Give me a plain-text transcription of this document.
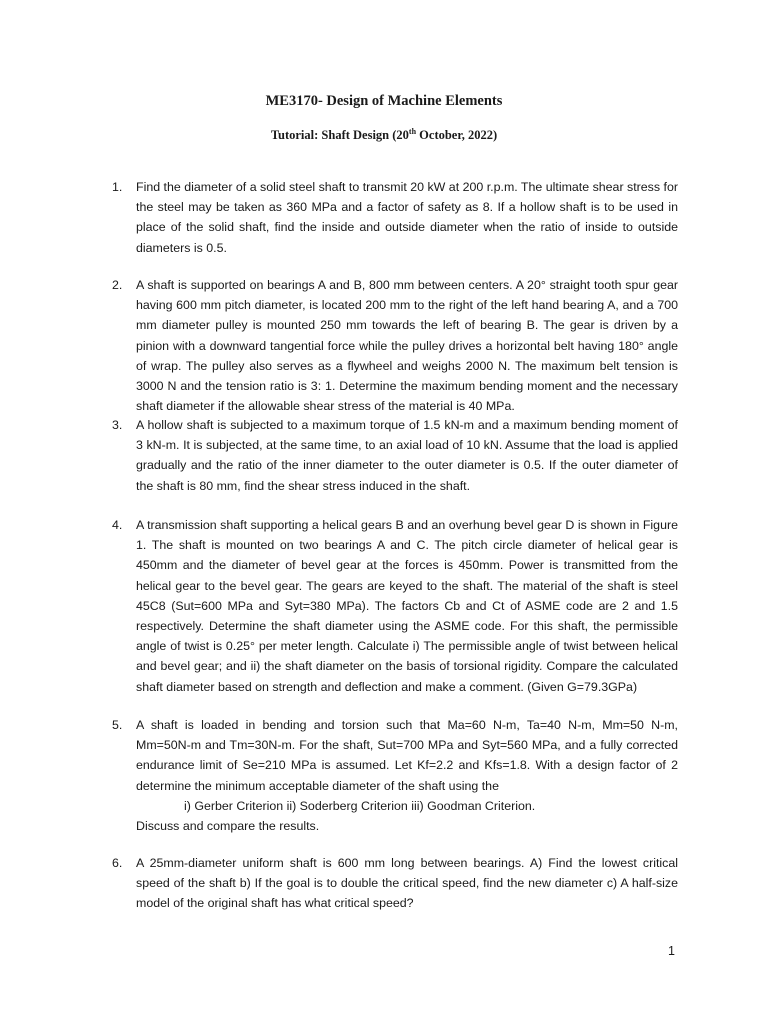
ME3170- Design of Machine Elements
Tutorial: Shaft Design (20th October, 2022)
1.	Find the diameter of a solid steel shaft to transmit 20 kW at 200 r.p.m. The ultimate shear stress for the steel may be taken as 360 MPa and a factor of safety as 8. If a hollow shaft is to be used in place of the solid shaft, find the inside and outside diameter when the ratio of inside to outside diameters is 0.5.

2.	A shaft is supported on bearings A and B, 800 mm between centers. A 20° straight tooth spur gear having 600 mm pitch diameter, is located 200 mm to the right of the left hand bearing A, and a 700 mm diameter pulley is mounted 250 mm towards the left of bearing B. The gear is driven by a pinion with a downward tangential force while the pulley drives a horizontal belt having 180° angle of wrap. The pulley also serves as a flywheel and weighs 2000 N. The maximum belt tension is 3000 N and the tension ratio is 3: 1. Determine the maximum bending moment and the necessary shaft diameter if the allowable shear stress of the material is 40 MPa.

3.	A hollow shaft is subjected to a maximum torque of 1.5 kN-m and a maximum bending moment of 3 kN-m. It is subjected, at the same time, to an axial load of 10 kN. Assume that the load is applied gradually and the ratio of the inner diameter to the outer diameter is 0.5. If the outer diameter of the shaft is 80 mm, find the shear stress induced in the shaft.

4.	A transmission shaft supporting a helical gears B and an overhung bevel gear D is shown in Figure 1. The shaft is mounted on two bearings A and C. The pitch circle diameter of helical gear is 450mm and the diameter of bevel gear at the forces is 450mm. Power is transmitted from the helical gear to the bevel gear. The gears are keyed to the shaft. The material of the shaft is steel 45C8 (Sut=600 MPa and Syt=380 MPa). The factors Cb and Ct of ASME code are 2 and 1.5 respectively. Determine the shaft diameter using the ASME code. For this shaft, the permissible angle of twist is 0.25° per meter length. Calculate i) The permissible angle of twist between helical and bevel gear; and ii) the shaft diameter on the basis of torsional rigidity. Compare the calculated shaft diameter based on strength and deflection and make a comment. (Given G=79.3GPa)

5.	A shaft is loaded in bending and torsion such that Ma=60 N-m, Ta=40 N-m, Mm=50 N-m, Mm=50N-m and Tm=30N-m. For the shaft, Sut=700 MPa and Syt=560 MPa, and a fully corrected endurance limit of Se=210 MPa is assumed. Let Kf=2.2 and Kfs=1.8. With a design factor of 2 determine the minimum acceptable diameter of the shaft using the

i) Gerber Criterion ii) Soderberg Criterion iii) Goodman Criterion.

Discuss and compare the results.

6.	A 25mm-diameter uniform shaft is 600 mm long between bearings. A) Find the lowest critical speed of the shaft b) If the goal is to double the critical speed, find the new diameter c) A half-size model of the original shaft has what critical speed?

1
